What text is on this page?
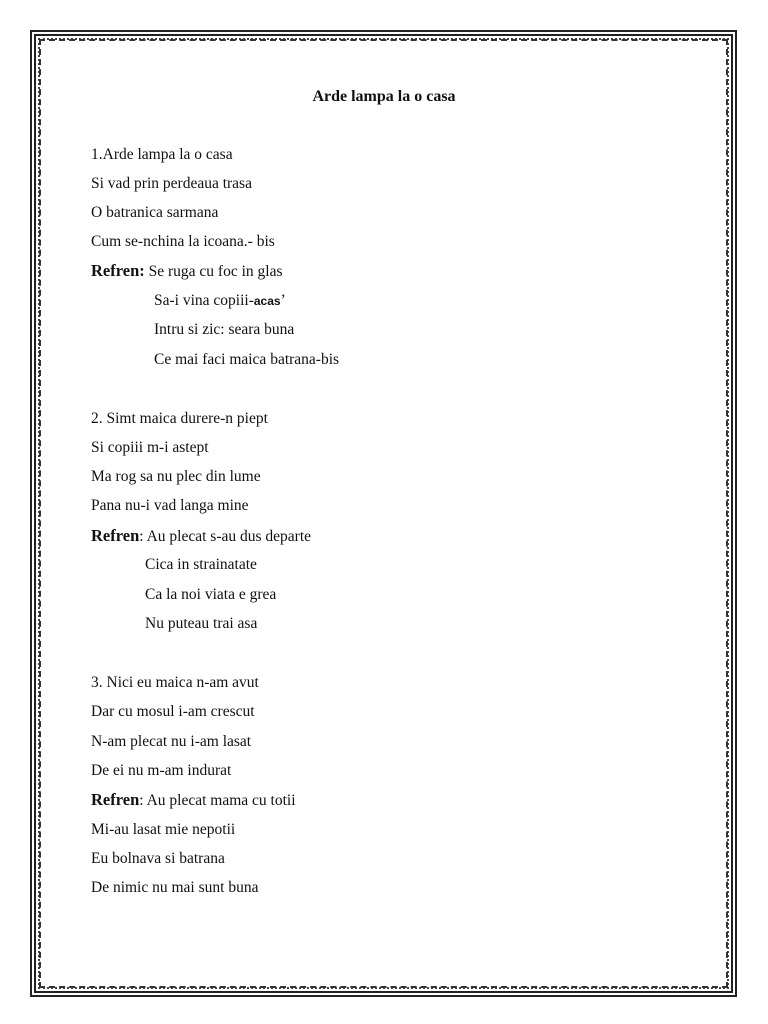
Arde lampa la o casa
1.Arde lampa la o casa
Si vad prin perdeaua trasa
O batranica sarmana
Cum se-nchina la icoana.- bis
Refren: Se ruga cu foc in glas
Sa-i vina copiii-acas’
Intru si zic: seara buna
Ce mai faci maica batrana-bis
2. Simt maica durere-n piept
Si copiii m-i astept
Ma rog sa nu plec din lume
Pana nu-i vad langa mine
Refren: Au plecat s-au dus departe
Cica in strainatate
Ca la noi viata e grea
Nu puteau trai asa
3. Nici eu maica n-am avut
Dar cu mosul i-am crescut
N-am plecat nu i-am lasat
De ei nu m-am indurat
Refren: Au plecat mama cu totii
Mi-au lasat mie nepotii
Eu bolnava si batrana
De nimic nu mai sunt buna
